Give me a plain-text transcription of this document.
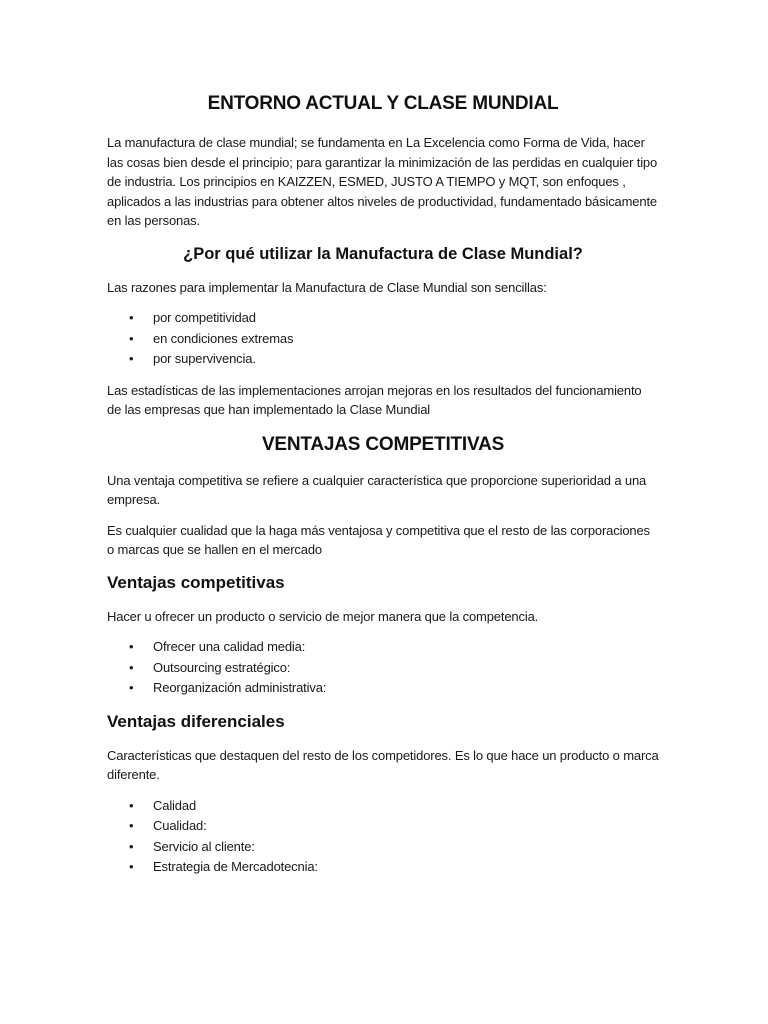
ENTORNO ACTUAL Y CLASE MUNDIAL

La manufactura de clase mundial; se fundamenta en La Excelencia como Forma de Vida, hacer las cosas bien desde el principio; para garantizar la minimización de las perdidas en cualquier tipo de industria. Los principios en KAIZZEN, ESMED, JUSTO A TIEMPO y MQT, son enfoques , aplicados a las industrias para obtener altos niveles de productividad, fundamentado básicamente en las personas.

¿Por qué utilizar la Manufactura de Clase Mundial?

Las razones para implementar la Manufactura de Clase Mundial son sencillas:

• por competitividad
• en condiciones extremas
• por supervivencia.

Las estadísticas de las implementaciones arrojan mejoras en los resultados del funcionamiento de las empresas que han implementado la Clase Mundial

VENTAJAS COMPETITIVAS

Una ventaja competitiva se refiere a cualquier característica que proporcione superioridad a una empresa.

Es cualquier cualidad que la haga más ventajosa y competitiva que el resto de las corporaciones o marcas que se hallen en el mercado

Ventajas competitivas

Hacer u ofrecer un producto o servicio de mejor manera que la competencia.

• Ofrecer una calidad media:
• Outsourcing estratégico:
• Reorganización administrativa:
Ventajas diferenciales

Características que destaquen del resto de los competidores. Es lo que hace un producto o marca diferente.

• Calidad
• Cualidad:
• Servicio al cliente:
• Estrategia de Mercadotecnia:
